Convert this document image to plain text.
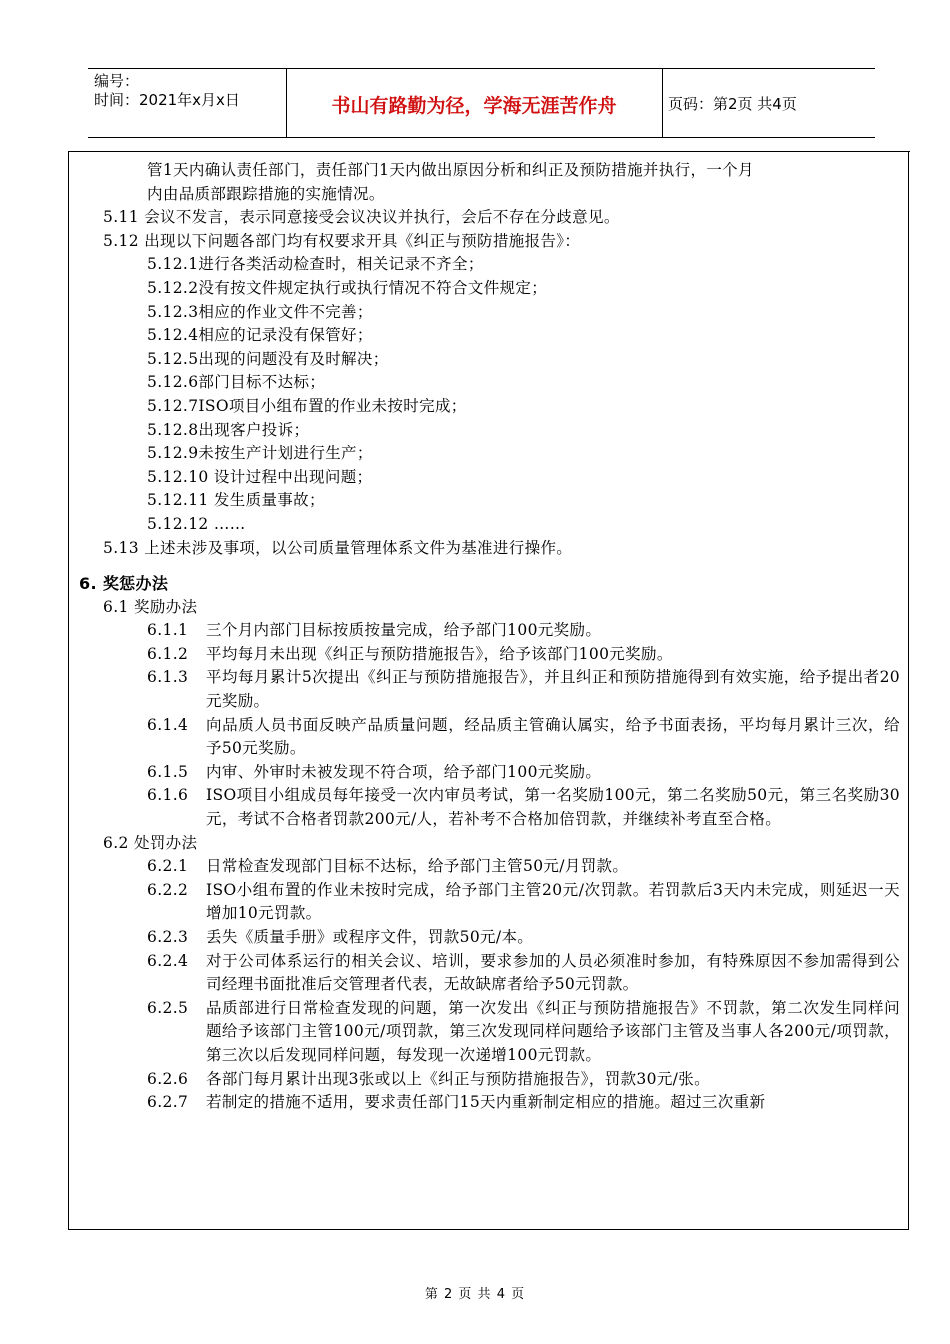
编号：
时间：2021年x月x日	书山有路勤为径，学海无涯苦作舟	页码：第2页 共4页
管1天内确认责任部门，责任部门1天内做出原因分析和纠正及预防措施并执行，一个月
内由品质部跟踪措施的实施情况。
5.11 会议不发言，表示同意接受会议决议并执行，会后不存在分歧意见。
5.12 出现以下问题各部门均有权要求开具《纠正与预防措施报告》：
5.12.1进行各类活动检查时，相关记录不齐全；
5.12.2没有按文件规定执行或执行情况不符合文件规定；
5.12.3相应的作业文件不完善；
5.12.4相应的记录没有保管好；
5.12.5出现的问题没有及时解决；
5.12.6部门目标不达标；
5.12.7ISO项目小组布置的作业未按时完成；
5.12.8出现客户投诉；
5.12.9未按生产计划进行生产；
5.12.10 设计过程中出现问题；
5.12.11 发生质量事故；
5.12.12 ……
5.13 上述未涉及事项，以公司质量管理体系文件为基准进行操作。
6. 奖惩办法
6.1 奖励办法
6.1.1 三个月内部门目标按质按量完成，给予部门100元奖励。
6.1.2 平均每月未出现《纠正与预防措施报告》，给予该部门100元奖励。
6.1.3 平均每月累计5次提出《纠正与预防措施报告》，并且纠正和预防措施得到有效实施，给予提出者20元奖励。
6.1.4 向品质人员书面反映产品质量问题，经品质主管确认属实，给予书面表扬，平均每月累计三次，给予50元奖励。
6.1.5 内审、外审时未被发现不符合项，给予部门100元奖励。
6.1.6 ISO项目小组成员每年接受一次内审员考试，第一名奖励100元，第二名奖励50元，第三名奖励30元，考试不合格者罚款200元/人，若补考不合格加倍罚款，并继续补考直至合格。
6.2 处罚办法
6.2.1 日常检查发现部门目标不达标，给予部门主管50元/月罚款。
6.2.2 ISO小组布置的作业未按时完成，给予部门主管20元/次罚款。若罚款后3天内未完成，则延迟一天增加10元罚款。
6.2.3 丢失《质量手册》或程序文件，罚款50元/本。
6.2.4 对于公司体系运行的相关会议、培训，要求参加的人员必须准时参加，有特殊原因不参加需得到公司经理书面批准后交管理者代表，无故缺席者给予50元罚款。
6.2.5 品质部进行日常检查发现的问题，第一次发出《纠正与预防措施报告》不罚款，第二次发生同样问题给予该部门主管100元/项罚款，第三次发现同样问题给予该部门主管及当事人各200元/项罚款，第三次以后发现同样问题，每发现一次递增100元罚款。
6.2.6 各部门每月累计出现3张或以上《纠正与预防措施报告》，罚款30元/张。
6.2.7 若制定的措施不适用，要求责任部门15天内重新制定相应的措施。超过三次重新
第 2 页 共 4 页
